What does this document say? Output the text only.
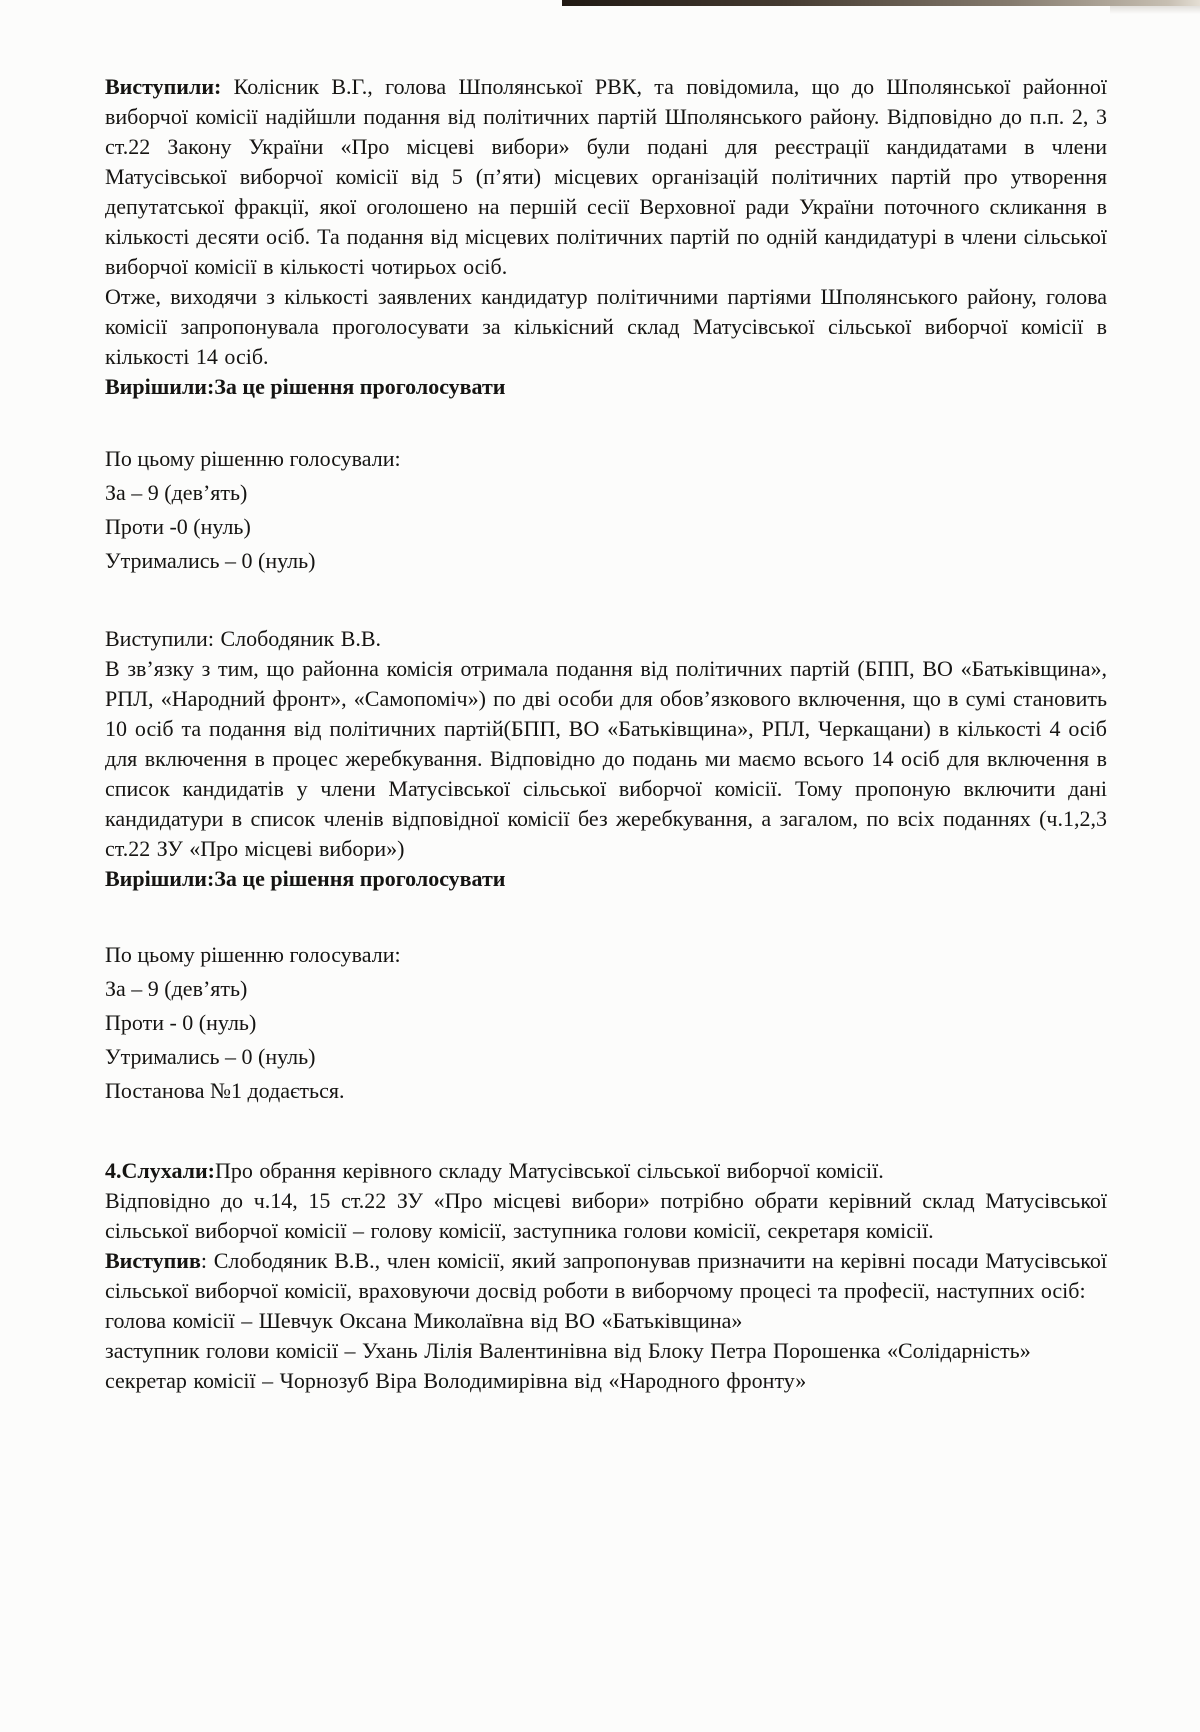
Виступили: Колісник В.Г., голова Шполянської РВК, та повідомила, що до Шполянської районної виборчої комісії надійшли подання від політичних партій Шполянського району. Відповідно до п.п. 2, 3 ст.22 Закону України «Про місцеві вибори» були подані для реєстрації кандидатами в члени Матусівської виборчої комісії від 5 (п’яти) місцевих організацій політичних партій про утворення депутатської фракції, якої оголошено на першій сесії Верховної ради України поточного скликання в кількості десяти осіб. Та подання від місцевих політичних партій по одній кандидатурі в члени сільської виборчої комісії в кількості чотирьох осіб.

Отже, виходячи з кількості заявлених кандидатур політичними партіями Шполянського району, голова комісії запропонувала проголосувати за кількісний склад Матусівської сільської виборчої комісії в кількості 14 осіб.

Вирішили:За це рішення проголосувати

По цьому рішенню голосували:

За – 9 (дев’ять)

Проти -0 (нуль)

Утримались – 0 (нуль)

Виступили: Слободяник В.В.

В зв’язку з тим, що районна комісія отримала подання від політичних партій (БПП, ВО «Батьківщина», РПЛ, «Народний фронт», «Самопоміч») по дві особи для обов’язкового включення, що в сумі становить 10 осіб та подання від політичних партій(БПП, ВО «Батьківщина», РПЛ, Черкащани) в кількості 4 осіб для включення в процес жеребкування. Відповідно до подань ми маємо всього 14 осіб для включення в список кандидатів у члени Матусівської сільської виборчої комісії. Тому пропоную включити дані кандидатури в список членів відповідної комісії без жеребкування, а загалом, по всіх поданнях (ч.1,2,3 ст.22 ЗУ «Про місцеві вибори»)

Вирішили:За це рішення проголосувати

По цьому рішенню голосували:

За – 9 (дев’ять)

Проти - 0 (нуль)

Утримались – 0 (нуль)

Постанова №1 додається.

4.Слухали:Про обрання керівного складу Матусівської сільської виборчої комісії.

Відповідно до ч.14, 15 ст.22 ЗУ «Про місцеві вибори» потрібно обрати керівний склад Матусівської сільської виборчої комісії – голову комісії, заступника голови комісії, секретаря комісії.

Виступив: Слободяник В.В., член комісії, який запропонував призначити на керівні посади Матусівської сільської виборчої комісії, враховуючи досвід роботи в виборчому процесі та професії, наступних осіб:

голова комісії – Шевчук Оксана Миколаївна від ВО «Батьківщина»

заступник голови комісії – Ухань Лілія Валентинівна від Блоку Петра Порошенка «Солідарність»

секретар комісії – Чорнозуб Віра Володимирівна від «Народного фронту»
